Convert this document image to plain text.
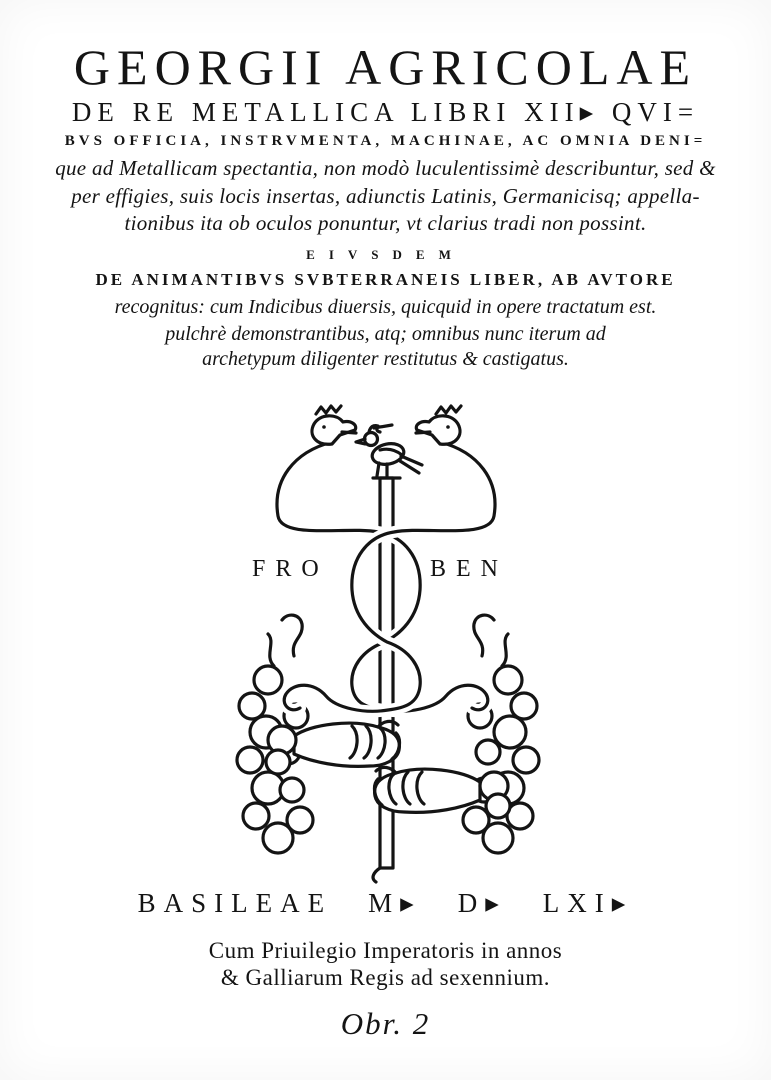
GEORGII AGRICOLAE
DE RE METALLICA LIBRI XII▸ QVI=
BVS OFFICIA, INSTRVMENTA, MACHINAE, AC OMNIA DENI=
que ad Metallicam spectantia, non modò luculentissimè describuntur, sed &
per effigies, suis locis insertas, adiunctis Latinis, Germanicisq; appella-
tionibus ita ob oculos ponuntur, vt clarius tradi non possint.
EIVSDEM
DE ANIMANTIBVS SVBTERRANEIS LIBER, AB AVTORE
recognitus: cum Indicibus diuersis, quicquid in opere tractatum est.
pulchrè demonstrantibus, atq; omnibus nunc iterum ad
archetypum diligenter restitutus & castigatus.
FRO	BEN
BASILEAE M▸ D▸ LXI▸
Cum Priuilegio Imperatoris in annos
& Galliarum Regis ad sexennium.
Obr. 2
